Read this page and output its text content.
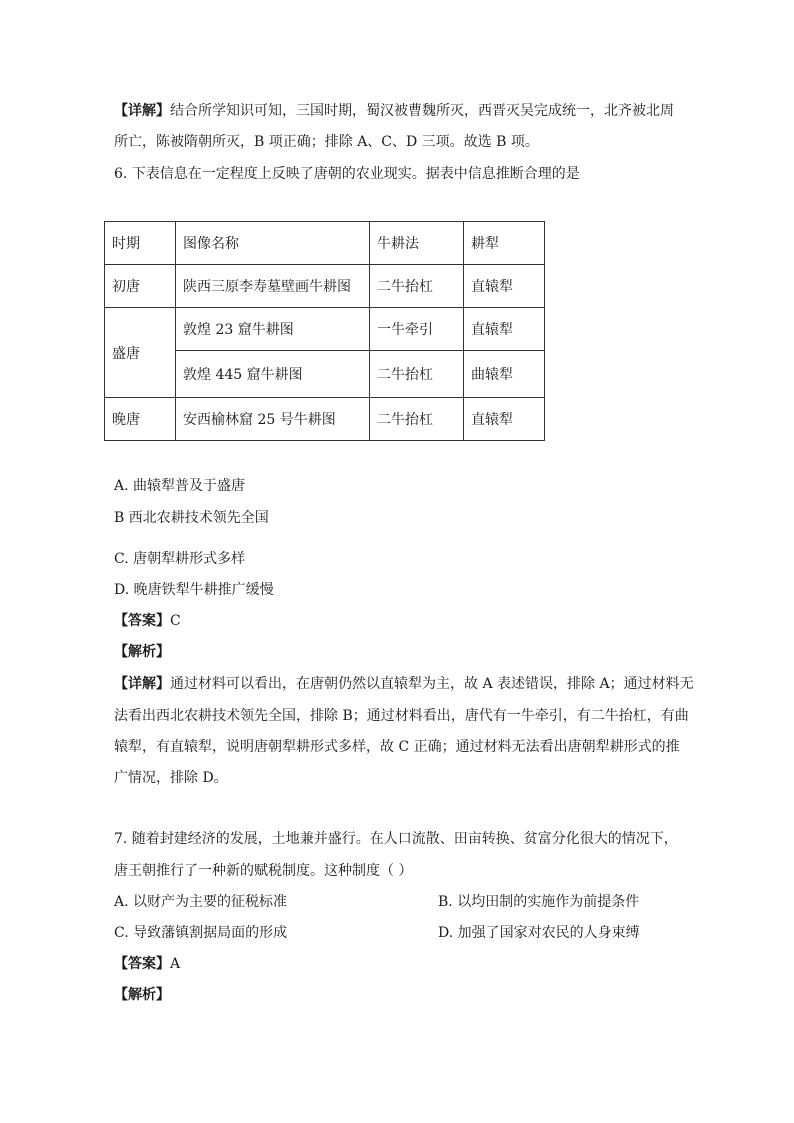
【详解】结合所学知识可知，三国时期，蜀汉被曹魏所灭，西晋灭吴完成统一，北齐被北周
所亡，陈被隋朝所灭，B 项正确；排除 A、C、D 三项。故选 B 项。
6. 下表信息在一定程度上反映了唐朝的农业现实。据表中信息推断合理的是
时期	图像名称	牛耕法	耕犁
初唐	陕西三原李寿墓壁画牛耕图	二牛抬杠	直辕犁
盛唐	敦煌 23 窟牛耕图	一牛牵引	直辕犁
	敦煌 445 窟牛耕图	二牛抬杠	曲辕犁
晚唐	安西榆林窟 25 号牛耕图	二牛抬杠	直辕犁
A. 曲辕犁普及于盛唐
B 西北农耕技术领先全国
C. 唐朝犁耕形式多样
D. 晚唐铁犁牛耕推广缓慢
【答案】C
【解析】
【详解】通过材料可以看出，在唐朝仍然以直辕犁为主，故 A 表述错误，排除 A；通过材料无
法看出西北农耕技术领先全国，排除 B；通过材料看出，唐代有一牛牵引，有二牛抬杠，有曲
辕犁，有直辕犁，说明唐朝犁耕形式多样，故 C 正确；通过材料无法看出唐朝犁耕形式的推
广情况，排除 D。
7. 随着封建经济的发展，土地兼并盛行。在人口流散、田亩转换、贫富分化很大的情况下，
唐王朝推行了一种新的赋税制度。这种制度（ ）
A. 以财产为主要的征税标准	B. 以均田制的实施作为前提条件
C. 导致藩镇割据局面的形成	D. 加强了国家对农民的人身束缚
【答案】A
【解析】
